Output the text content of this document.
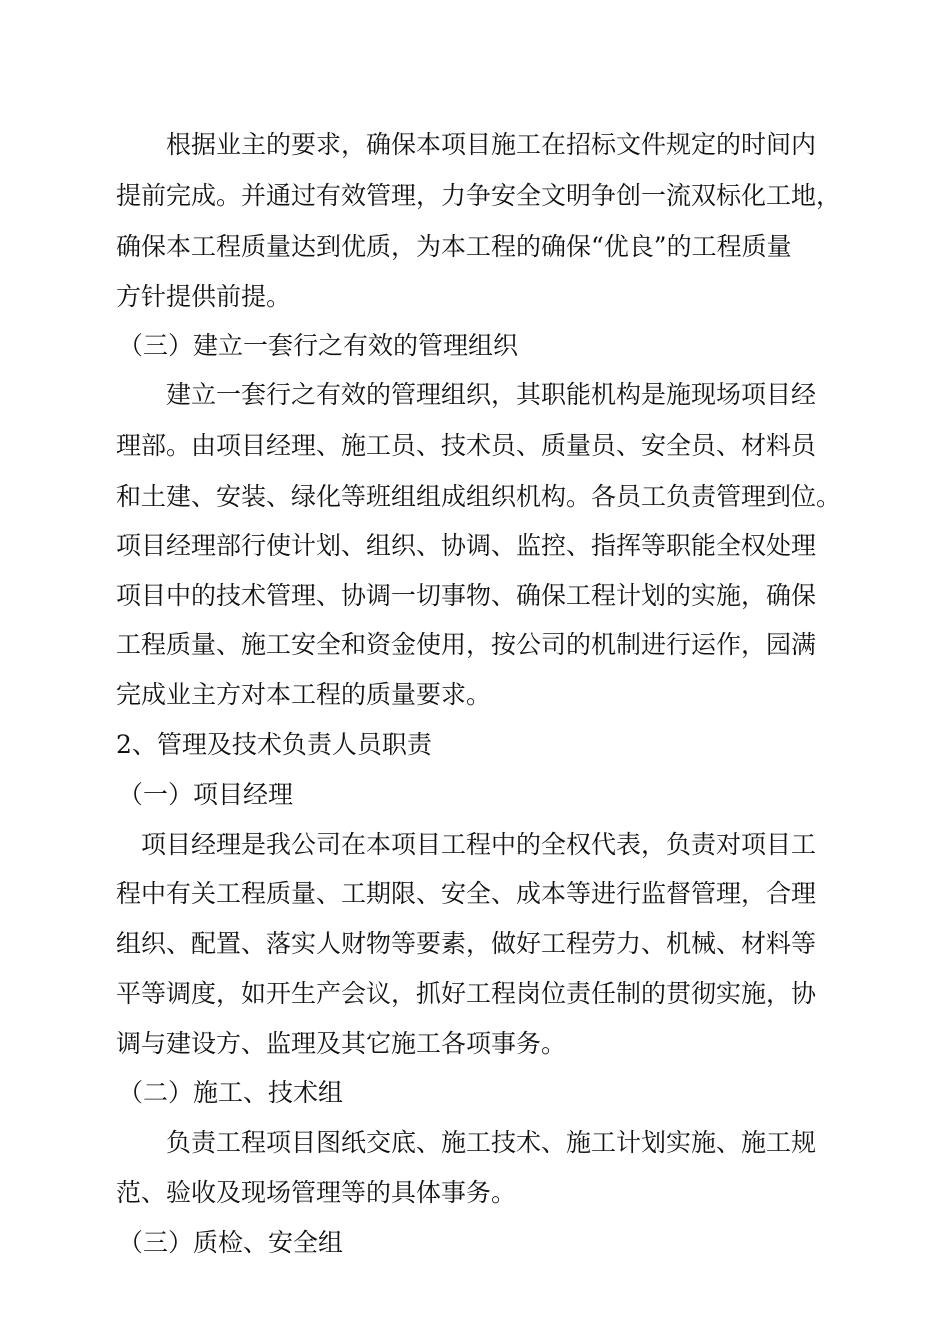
根据业主的要求，确保本项目施工在招标文件规定的时间内
提前完成。并通过有效管理，力争安全文明争创一流双标化工地，
确保本工程质量达到优质，为本工程的确保“优良”的工程质量
方针提供前提。
（三）建立一套行之有效的管理组织
建立一套行之有效的管理组织，其职能机构是施现场项目经
理部。由项目经理、施工员、技术员、质量员、安全员、材料员
和土建、安装、绿化等班组组成组织机构。各员工负责管理到位。
项目经理部行使计划、组织、协调、监控、指挥等职能全权处理
项目中的技术管理、协调一切事物、确保工程计划的实施，确保
工程质量、施工安全和资金使用，按公司的机制进行运作，园满
完成业主方对本工程的质量要求。
2、管理及技术负责人员职责
（一）项目经理
项目经理是我公司在本项目工程中的全权代表，负责对项目工
程中有关工程质量、工期限、安全、成本等进行监督管理，合理
组织、配置、落实人财物等要素，做好工程劳力、机械、材料等
平等调度，如开生产会议，抓好工程岗位责任制的贯彻实施，协
调与建设方、监理及其它施工各项事务。
（二）施工、技术组
负责工程项目图纸交底、施工技术、施工计划实施、施工规
范、验收及现场管理等的具体事务。
（三）质检、安全组
